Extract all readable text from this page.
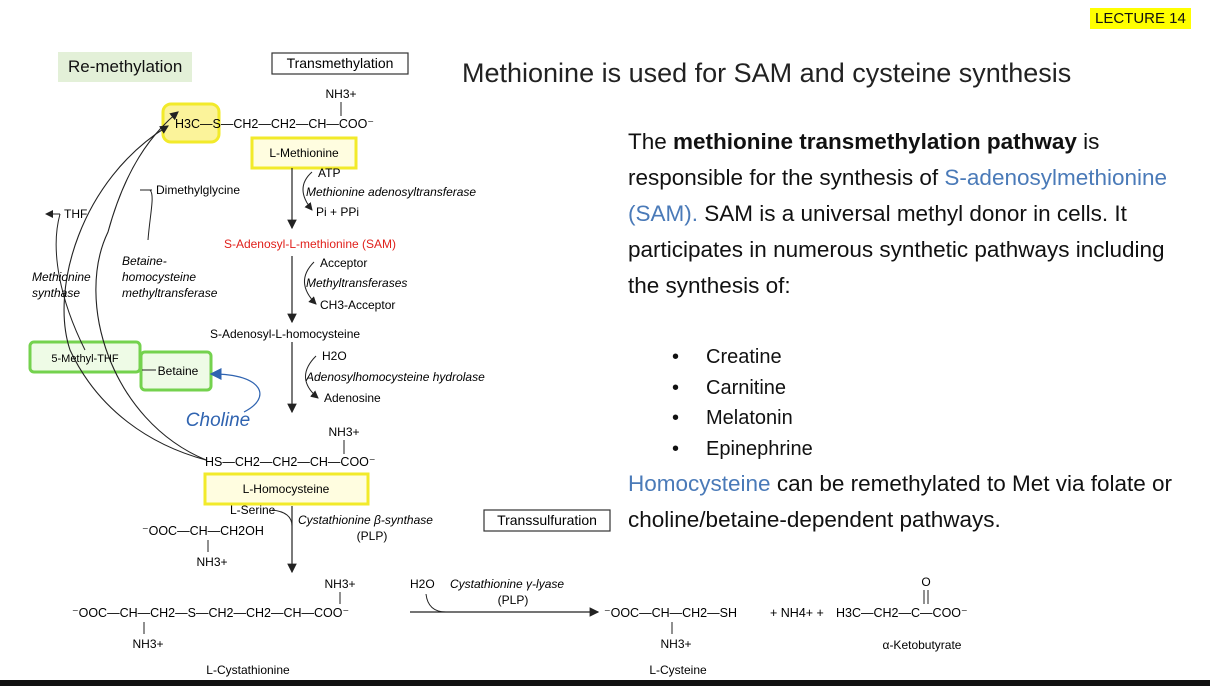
LECTURE 14
Re-methylation	Methionine is used for SAM and cysteine synthesis
The methionine transmethylation pathway is responsible for the synthesis of S-adenosylmethionine (SAM). SAM is a universal methyl donor in cells. It participates in numerous synthetic pathways including the synthesis of:
• Creatine
• Carnitine
• Melatonin
• Epinephrine
Homocysteine can be remethylated to Met via folate or choline/betaine-dependent pathways.
Transmethylation
Transsulfuration
NH3+
H3C—S—CH2—CH2—CH—COO⁻
L-Methionine
ATP
Methionine adenosyltransferase
Pi + PPi
S-Adenosyl-L-methionine (SAM)
Acceptor
Methyltransferases
CH3-Acceptor
S-Adenosyl-L-homocysteine
H2O
Adenosylhomocysteine hydrolase
Adenosine
NH3+
HS—CH2—CH2—CH—COO⁻
L-Homocysteine
L-Serine
⁻OOC—CH—CH2OH
NH3+
Cystathionine β-synthase
(PLP)
NH3+
⁻OOC—CH—CH2—S—CH2—CH2—CH—COO⁻
NH3+
L-Cystathionine
H2O Cystathionine γ-lyase
(PLP)
⁻OOC—CH—CH2—SH	+ NH4+ +
NH3+
L-Cysteine
O
H3C—CH2—C—COO⁻
α-Ketobutyrate
Dimethylglycine
THF
Betaine-
homocysteine
methyltransferase
Methionine
synthase
5-Methyl-THF
Betaine
Choline
